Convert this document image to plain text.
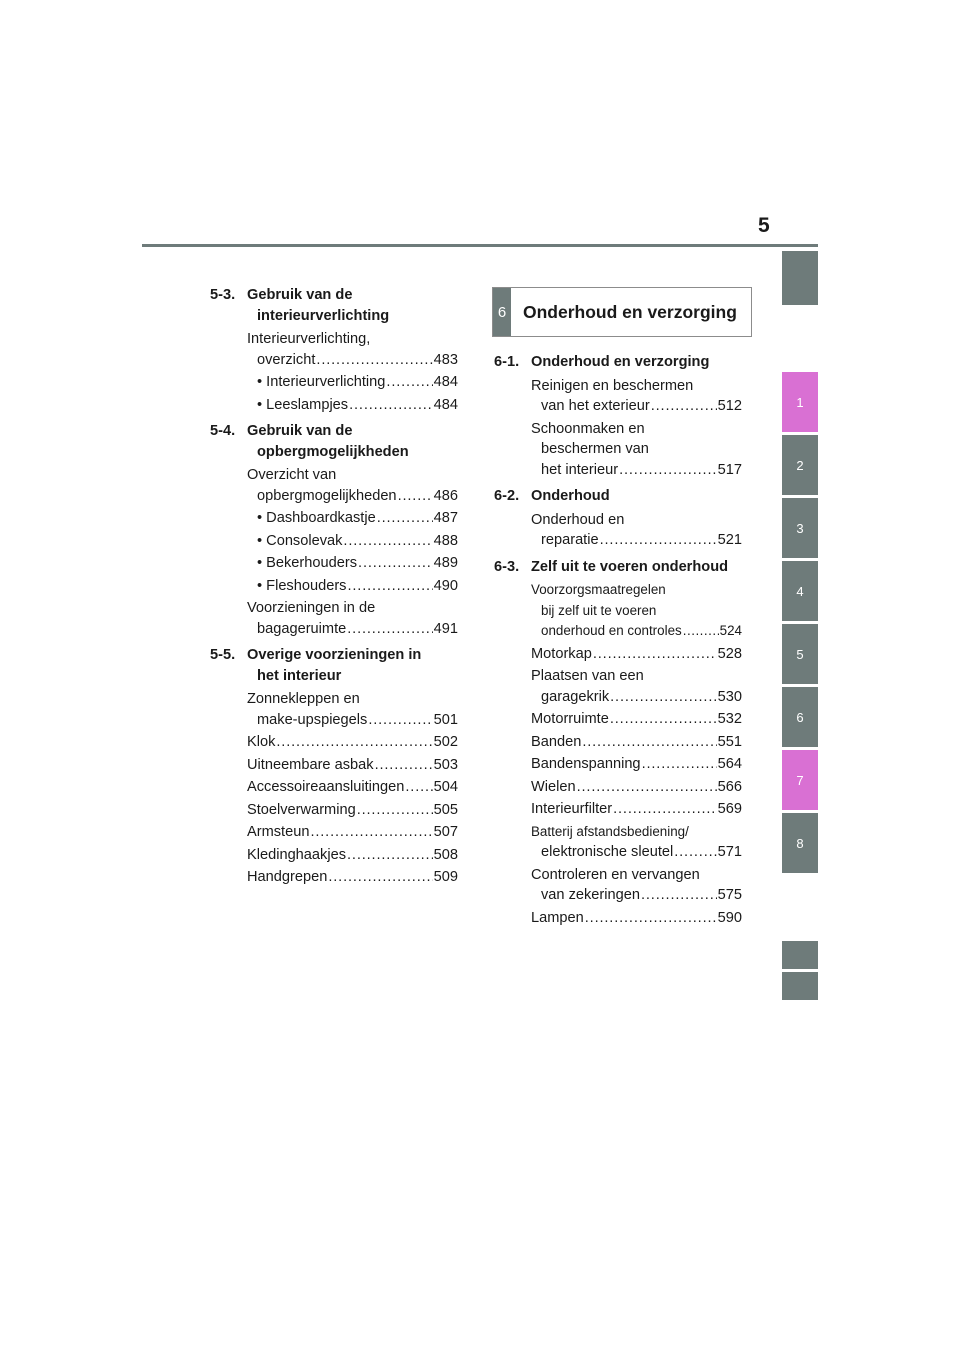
5
1
2
3
4
5
6
7
8
5-3. Gebruik van de
interieurverlichting
Interieurverlichting,
overzicht . . .	483
• Interieurverlichting . . .	484
• Leeslampjes . . .	484
5-4. Gebruik van de
opbergmogelijkheden
Overzicht van
opbergmogelijkheden . . .	486
• Dashboardkastje . . .	487
• Consolevak . . .	488
• Bekerhouders . . .	489
• Fleshouders . . .	490
Voorzieningen in de
bagageruimte . . .	491
5-5. Overige voorzieningen in
het interieur
Zonnekleppen en
make-upspiegels . . .	501
Klok . . .	502
Uitneembare asbak . . .	503
Accessoireaansluitingen . . . 504
Stoelverwarming . . .	505
Armsteun . . .	507
Kledinghaakjes . . .	508
Handgrepen . . .	509
6 Onderhoud en verzorging
6-1. Onderhoud en verzorging
Reinigen en beschermen
van het exterieur . . .	512
Schoonmaken en
beschermen van
het interieur . . .	517
6-2. Onderhoud
Onderhoud en
reparatie . . .	521
6-3. Zelf uit te voeren onderhoud
Voorzorgsmaatregelen
bij zelf uit te voeren
onderhoud en controles . . .	524
Motorkap . . .	528
Plaatsen van een
garagekrik . . .	530
Motorruimte . . .	532
Banden . . .	551
Bandenspanning . . .	564
Wielen . . .	566
Interieurfilter . . .	569
Batterij afstandsbediening/
elektronische sleutel . . .	571
Controleren en vervangen
van zekeringen . . .	575
Lampen . . .	590
